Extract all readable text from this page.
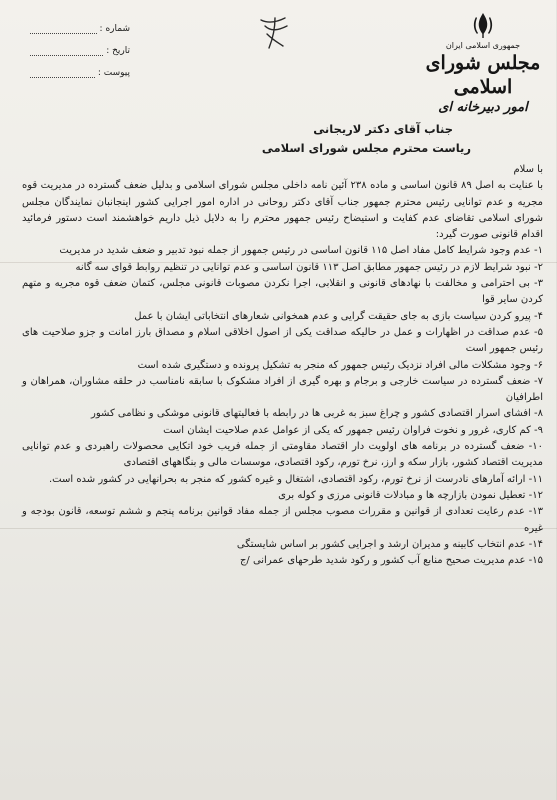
جمهوری اسلامی ایران
مجلس شورای اسلامی
امور دبیرخانه ای
شماره :
تاریخ :
پیوست :

جناب آقای دکتر لاریجانی

ریاست محترم مجلس شورای اسلامی

با سلام

با عنایت به اصل ۸۹ قانون اساسی و ماده ۲۳۸ آئین نامه داخلی مجلس شورای اسلامی و بدلیل ضعف گسترده در مدیریت قوه مجریه و عدم توانایی رئیس محترم جمهور جناب آقای دکتر روحانی در اداره امور اجرایی کشور اینجانبان نمایندگان مجلس شورای اسلامی تقاضای عدم کفایت و استیضاح رئیس جمهور محترم را به دلایل ذیل داریم خواهشمند است دستور فرمائید اقدام قانونی صورت گیرد:

۱- عدم وجود شرایط کامل مفاد اصل ۱۱۵ قانون اساسی در رئیس جمهور از جمله نبود تدبیر و ضعف شدید در مدیریت

۲- نبود شرایط لازم در رئیس جمهور مطابق اصل ۱۱۳ قانون اساسی و عدم توانایی در تنظیم روابط قوای سه گانه

۳- بی احترامی و مخالفت با نهادهای قانونی و انقلابی، اجرا نکردن مصوبات قانونی مجلس، کتمان ضعف قوه مجریه و متهم کردن سایر قوا

۴- پیرو کردن سیاست بازی به جای حقیقت گرایی و عدم همخوانی شعارهای انتخاباتی ایشان با عمل

۵- عدم صداقت در اظهارات و عمل در حالیکه صداقت یکی از اصول اخلاقی اسلام و مصداق بارز امانت و جزو صلاحیت های رئیس جمهور است

۶- وجود مشکلات مالی افراد نزدیک رئیس جمهور که منجر به تشکیل پرونده و دستگیری شده است

۷- ضعف گسترده در سیاست خارجی و برجام و بهره گیری از افراد مشکوک با سابقه نامناسب در حلقه مشاوران، همراهان و اطرافیان

۸- افشای اسرار اقتصادی کشور و چراغ سبز به غربی ها در رابطه با فعالیتهای قانونی موشکی و نظامی کشور

۹- کم کاری، غرور و نخوت فراوان رئیس جمهور که یکی از عوامل عدم صلاحیت ایشان است

۱۰- ضعف گسترده در برنامه های اولویت دار اقتصاد مقاومتی از جمله فریب خود اتکایی محصولات راهبردی و عدم توانایی مدیریت اقتصاد کشور، بازار سکه و ارز، نرخ تورم، رکود اقتصادی، موسسات مالی و بنگاههای اقتصادی

۱۱- ارائه آمارهای نادرست از نرخ تورم، رکود اقتصادی، اشتغال و غیره کشور که منجر به بحرانهایی در کشور شده است.

۱۲- تعطیل نمودن بازارچه ها و مبادلات قانونی مرزی و کوله بری

۱۳- عدم رعایت تعدادی از قوانین و مقررات مصوب مجلس از جمله مفاد قوانین برنامه پنجم و ششم توسعه، قانون بودجه و غیره

۱۴- عدم انتخاب کابینه و مدیران ارشد و اجرایی کشور بر اساس شایستگی

۱۵- عدم مدیریت صحیح منابع آب کشور و رکود شدید طرحهای عمرانی /ج
